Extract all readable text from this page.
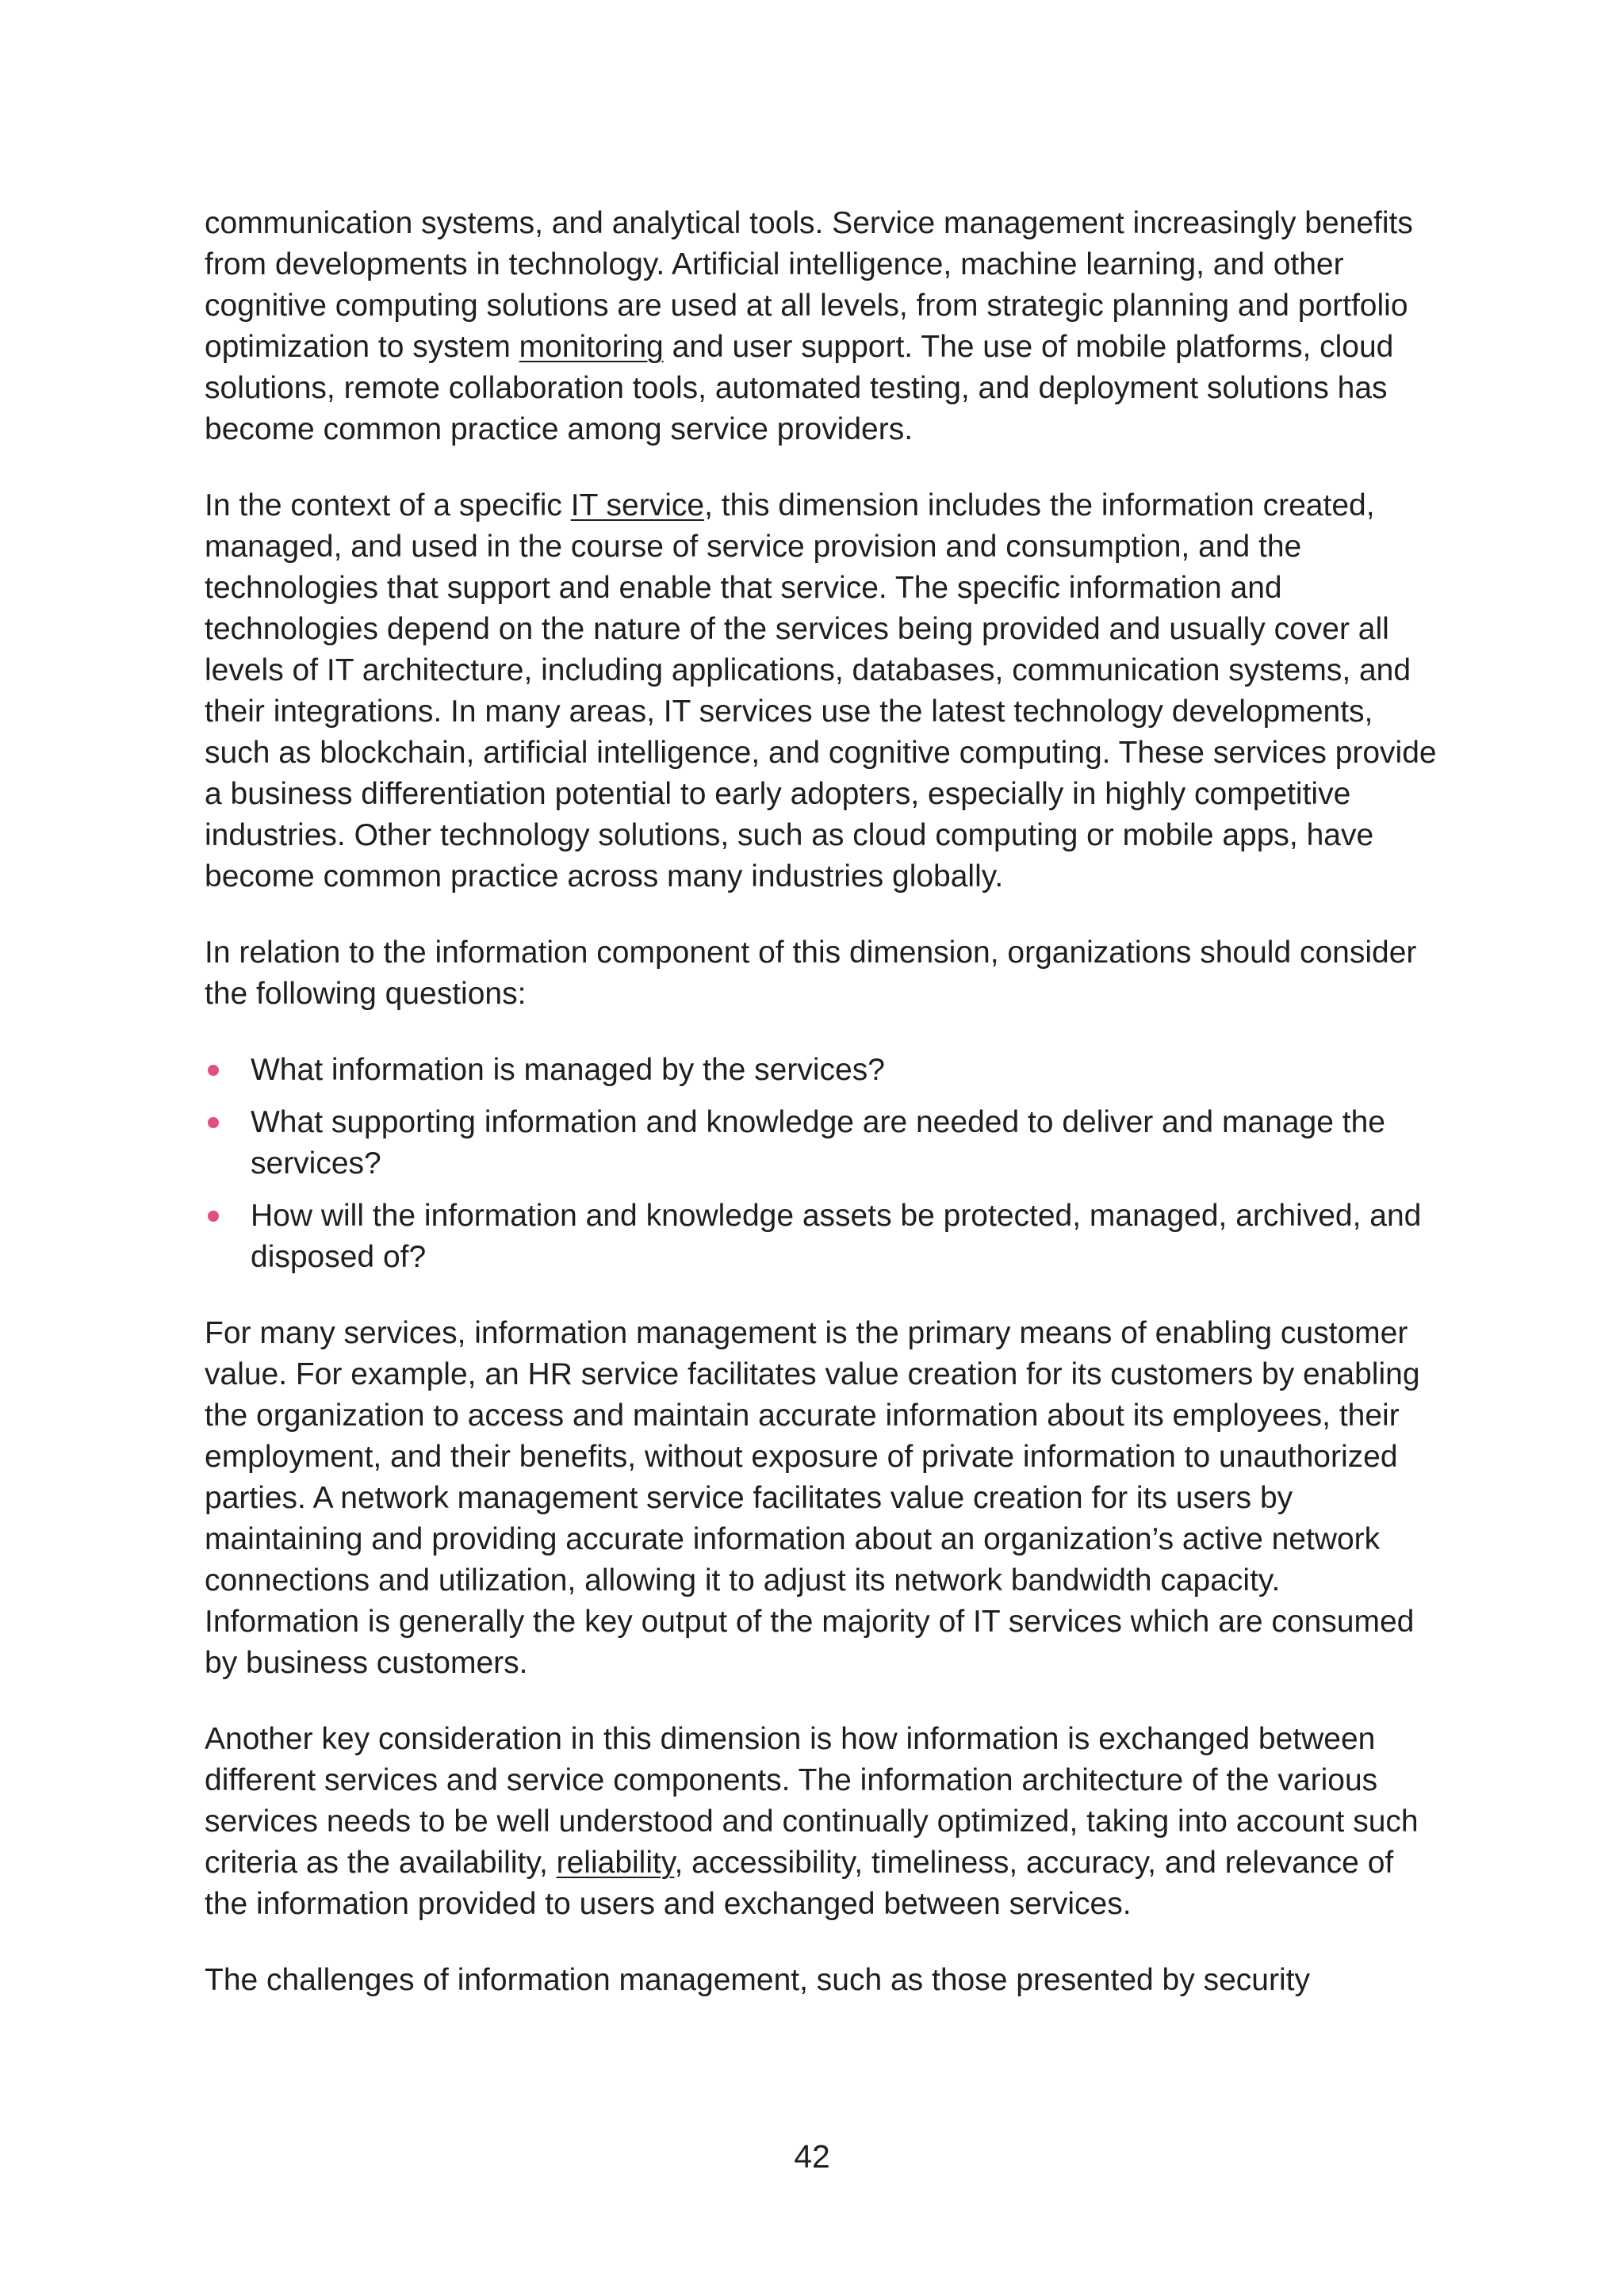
communication systems, and analytical tools. Service management increasingly benefits from developments in technology. Artificial intelligence, machine learning, and other cognitive computing solutions are used at all levels, from strategic planning and portfolio optimization to system monitoring and user support. The use of mobile platforms, cloud solutions, remote collaboration tools, automated testing, and deployment solutions has become common practice among service providers.

In the context of a specific IT service, this dimension includes the information created, managed, and used in the course of service provision and consumption, and the technologies that support and enable that service. The specific information and technologies depend on the nature of the services being provided and usually cover all levels of IT architecture, including applications, databases, communication systems, and their integrations. In many areas, IT services use the latest technology developments, such as blockchain, artificial intelligence, and cognitive computing. These services provide a business differentiation potential to early adopters, especially in highly competitive industries. Other technology solutions, such as cloud computing or mobile apps, have become common practice across many industries globally.

In relation to the information component of this dimension, organizations should consider the following questions:

What information is managed by the services?
What supporting information and knowledge are needed to deliver and manage the services?
How will the information and knowledge assets be protected, managed, archived, and disposed of?

For many services, information management is the primary means of enabling customer value. For example, an HR service facilitates value creation for its customers by enabling the organization to access and maintain accurate information about its employees, their employment, and their benefits, without exposure of private information to unauthorized parties. A network management service facilitates value creation for its users by maintaining and providing accurate information about an organization’s active network connections and utilization, allowing it to adjust its network bandwidth capacity. Information is generally the key output of the majority of IT services which are consumed by business customers.

Another key consideration in this dimension is how information is exchanged between different services and service components. The information architecture of the various services needs to be well understood and continually optimized, taking into account such criteria as the availability, reliability, accessibility, timeliness, accuracy, and relevance of the information provided to users and exchanged between services.

The challenges of information management, such as those presented by security

42
